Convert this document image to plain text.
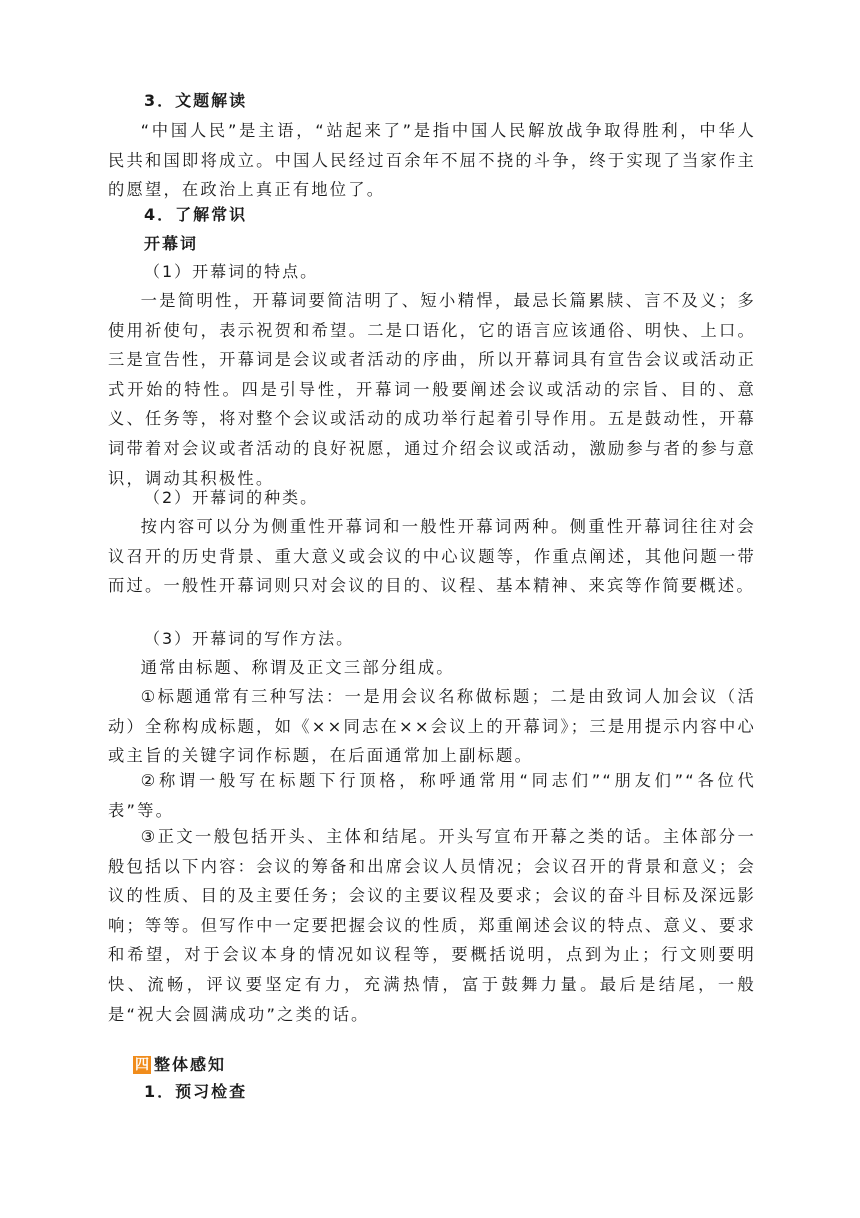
3．文题解读
“中国人民”是主语，“站起来了”是指中国人民解放战争取得胜利，中华人民共和国即将成立。中国人民经过百余年不屈不挠的斗争，终于实现了当家作主的愿望，在政治上真正有地位了。
4．了解常识
开幕词
（1）开幕词的特点。
一是简明性，开幕词要简洁明了、短小精悍，最忌长篇累牍、言不及义；多使用祈使句，表示祝贺和希望。二是口语化，它的语言应该通俗、明快、上口。三是宣告性，开幕词是会议或者活动的序曲，所以开幕词具有宣告会议或活动正式开始的特性。四是引导性，开幕词一般要阐述会议或活动的宗旨、目的、意义、任务等，将对整个会议或活动的成功举行起着引导作用。五是鼓动性，开幕词带着对会议或者活动的良好祝愿，通过介绍会议或活动，激励参与者的参与意识，调动其积极性。
（2）开幕词的种类。
按内容可以分为侧重性开幕词和一般性开幕词两种。侧重性开幕词往往对会议召开的历史背景、重大意义或会议的中心议题等，作重点阐述，其他问题一带而过。一般性开幕词则只对会议的目的、议程、基本精神、来宾等作简要概述。
（3）开幕词的写作方法。
通常由标题、称谓及正文三部分组成。
①标题通常有三种写法：一是用会议名称做标题；二是由致词人加会议（活动）全称构成标题，如《××同志在××会议上的开幕词》；三是用提示内容中心或主旨的关键字词作标题，在后面通常加上副标题。
②称谓一般写在标题下行顶格，称呼通常用“同志们”“朋友们”“各位代表”等。
③正文一般包括开头、主体和结尾。开头写宣布开幕之类的话。主体部分一般包括以下内容：会议的筹备和出席会议人员情况；会议召开的背景和意义；会议的性质、目的及主要任务；会议的主要议程及要求；会议的奋斗目标及深远影响；等等。但写作中一定要把握会议的性质，郑重阐述会议的特点、意义、要求和希望，对于会议本身的情况如议程等，要概括说明，点到为止；行文则要明快、流畅，评议要坚定有力，充满热情，富于鼓舞力量。最后是结尾，一般是“祝大会圆满成功”之类的话。
四 整体感知
1．预习检查
